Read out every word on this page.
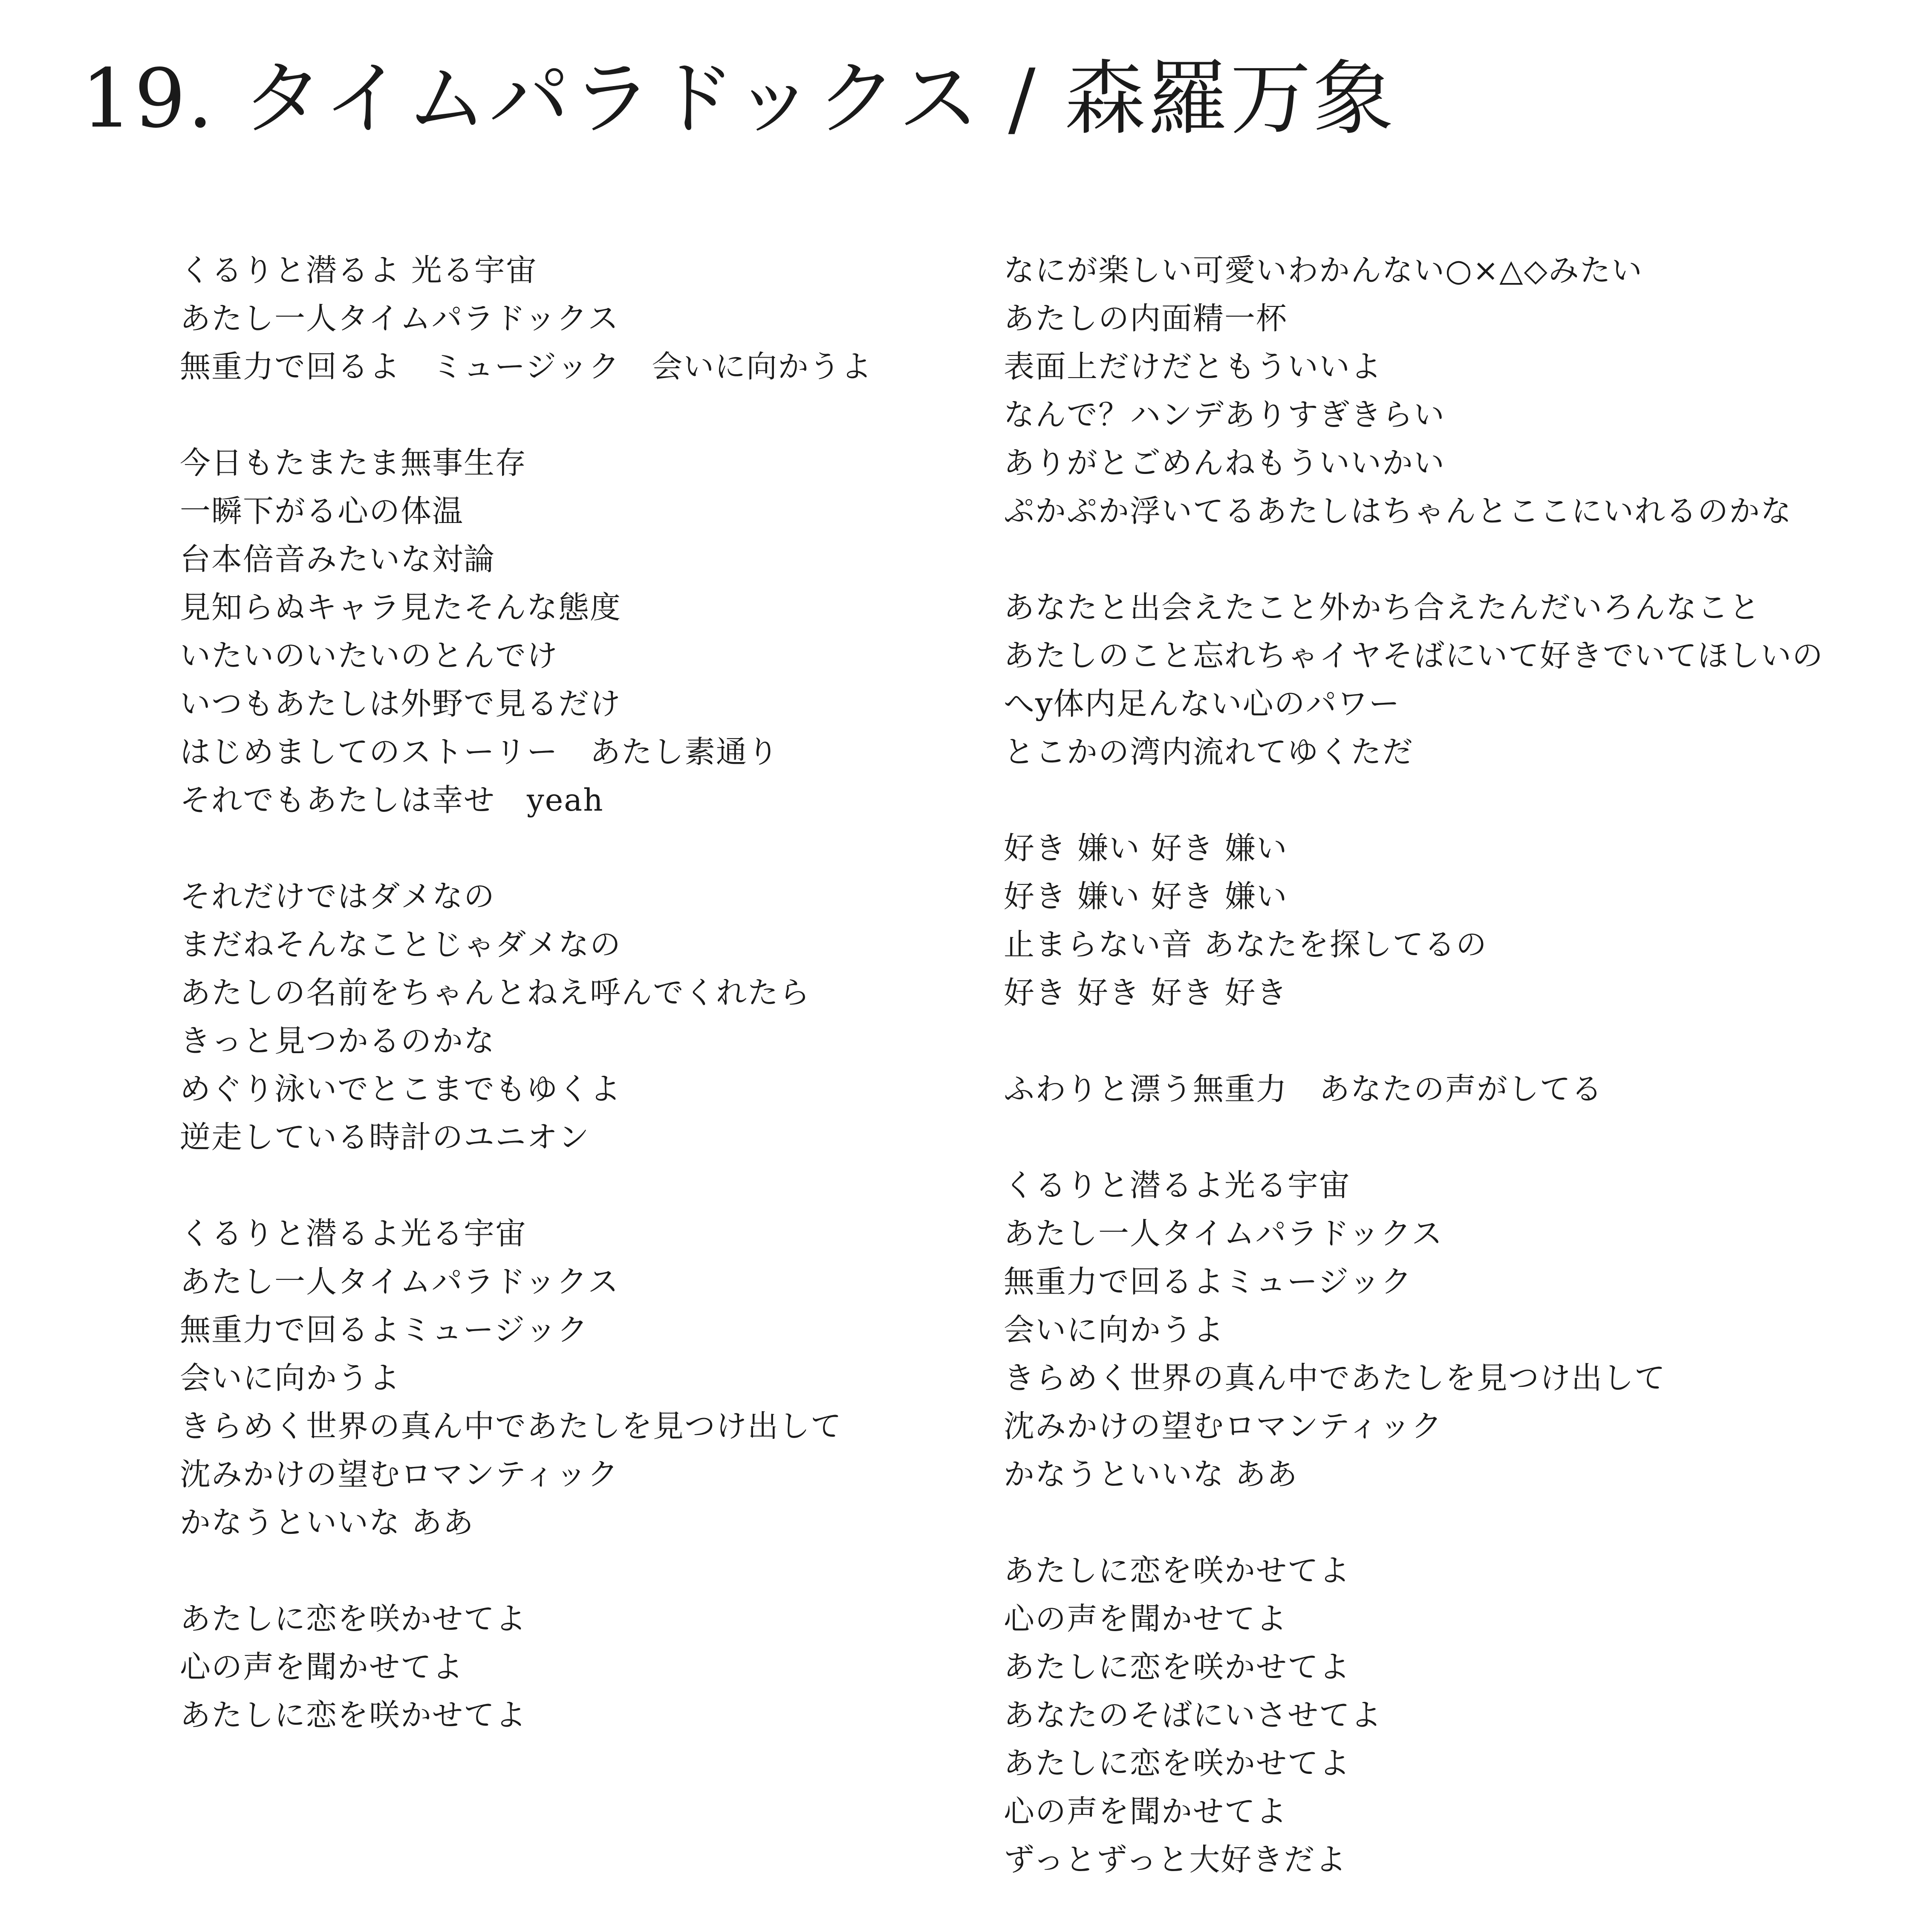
19. タイムパラドックス / 森羅万象
くるりと潜るよ 光る宇宙
あたし一人タイムパラドックス
無重力で回るよ　ミュージック　会いに向かうよ
今日もたまたま無事生存
一瞬下がる心の体温
台本倍音みたいな対論
見知らぬキャラ見たそんな態度
いたいのいたいのとんでけ
いつもあたしは外野で見るだけ
はじめましてのストーリー　あたし素通り
それでもあたしは幸せ　yeah
それだけではダメなの
まだねそんなことじゃダメなの
あたしの名前をちゃんとねえ呼んでくれたら
きっと見つかるのかな
めぐり泳いでとこまでもゆくよ
逆走している時計のユニオン
くるりと潜るよ光る宇宙
あたし一人タイムパラドックス
無重力で回るよミュージック
会いに向かうよ
きらめく世界の真ん中であたしを見つけ出して
沈みかけの望むロマンティック
かなうといいな ああ
あたしに恋を咲かせてよ
心の声を聞かせてよ
あたしに恋を咲かせてよ
なにが楽しい可愛いわかんない○×△◇みたい
あたしの内面精一杯
表面上だけだともういいよ
なんで？ハンデありすぎきらい
ありがとごめんねもういいかい
ぷかぷか浮いてるあたしはちゃんとここにいれるのかな
あなたと出会えたこと外かち合えたんだいろんなこと
あたしのこと忘れちゃイヤそばにいて好きでいてほしいの
へy体内足んない心のパワー
とこかの湾内流れてゆくただ
好き 嫌い 好き 嫌い
好き 嫌い 好き 嫌い
止まらない音 あなたを探してるの
好き 好き 好き 好き
ふわりと漂う無重力　あなたの声がしてる
くるりと潜るよ光る宇宙
あたし一人タイムパラドックス
無重力で回るよミュージック
会いに向かうよ
きらめく世界の真ん中であたしを見つけ出して
沈みかけの望むロマンティック
かなうといいな ああ
あたしに恋を咲かせてよ
心の声を聞かせてよ
あたしに恋を咲かせてよ
あなたのそばにいさせてよ
あたしに恋を咲かせてよ
心の声を聞かせてよ
ずっとずっと大好きだよ
